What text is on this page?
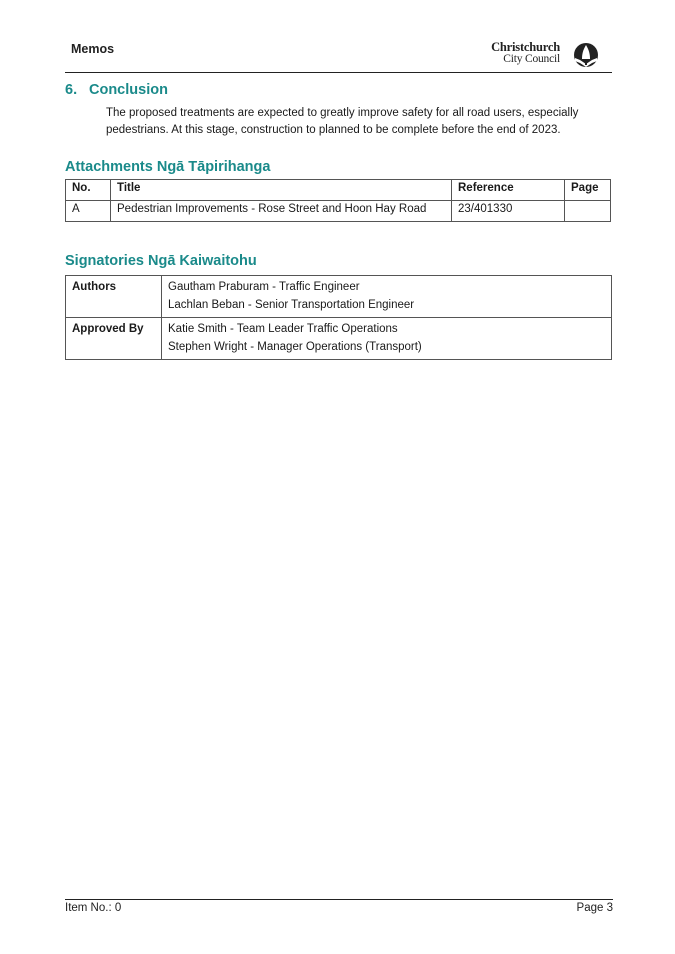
Memos	Christchurch
City Council
6. Conclusion
The proposed treatments are expected to greatly improve safety for all road users, especially
pedestrians. At this stage, construction to planned to be complete before the end of 2023.
Attachments Ngā Tāpirihanga
No.	Title	Reference	Page
A	Pedestrian Improvements - Rose Street and Hoon Hay Road	23/401330	
Signatories Ngā Kaiwaitohu
Authors	Gautham Praburam - Traffic Engineer
Lachlan Beban - Senior Transportation Engineer

Approved By	Katie Smith - Team Leader Traffic Operations
Stephen Wright - Manager Operations (Transport)
Item No.: 0	Page 3
